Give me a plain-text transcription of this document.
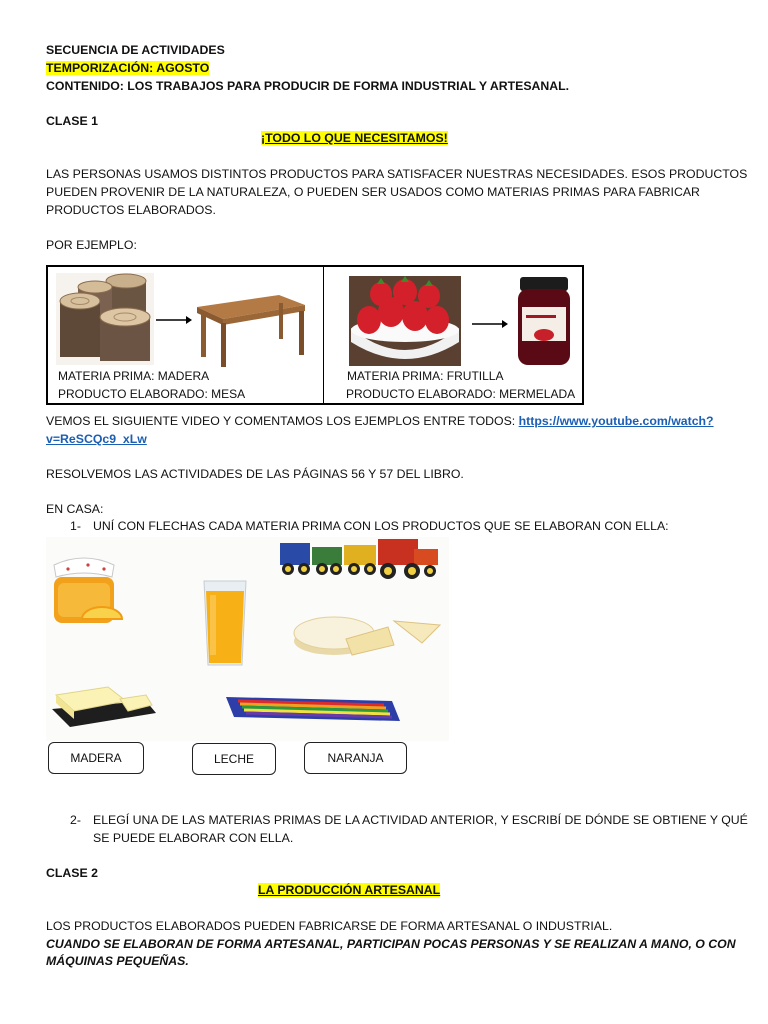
SECUENCIA DE ACTIVIDADES

TEMPORIZACIÓN: AGOSTO

CONTENIDO: LOS TRABAJOS PARA PRODUCIR DE FORMA INDUSTRIAL Y ARTESANAL.

CLASE 1

¡TODO LO QUE NECESITAMOS!

LAS PERSONAS USAMOS DISTINTOS PRODUCTOS PARA SATISFACER NUESTRAS NECESIDADES. ESOS PRODUCTOS

PUEDEN PROVENIR DE LA NATURALEZA, O PUEDEN SER USADOS COMO MATERIAS PRIMAS PARA FABRICAR

PRODUCTOS ELABORADOS.

POR EJEMPLO:

MATERIA PRIMA: MADERA
PRODUCTO ELABORADO: MESA
MATERIA PRIMA: FRUTILLA
PRODUCTO ELABORADO: MERMELADA

VEMOS EL SIGUIENTE VIDEO Y COMENTAMOS LOS EJEMPLOS ENTRE TODOS: https://www.youtube.com/watch?

v=ReSCQc9_xLw

RESOLVEMOS LAS ACTIVIDADES DE LAS PÁGINAS 56 Y 57 DEL LIBRO.

EN CASA:

1- UNÍ CON FLECHAS CADA MATERIA PRIMA CON LOS PRODUCTOS QUE SE ELABORAN CON ELLA:

MADERA	LECHE	NARANJA

2- ELEGÍ UNA DE LAS MATERIAS PRIMAS DE LA ACTIVIDAD ANTERIOR, Y ESCRIBÍ DE DÓNDE SE OBTIENE Y QUÉ

SE PUEDE ELABORAR CON ELLA.

CLASE 2

LA PRODUCCIÓN ARTESANAL

LOS PRODUCTOS ELABORADOS PUEDEN FABRICARSE DE FORMA ARTESANAL O INDUSTRIAL.

CUANDO SE ELABORAN DE FORMA ARTESANAL, PARTICIPAN POCAS PERSONAS Y SE REALIZAN A MANO, O CON

MÁQUINAS PEQUEÑAS.
